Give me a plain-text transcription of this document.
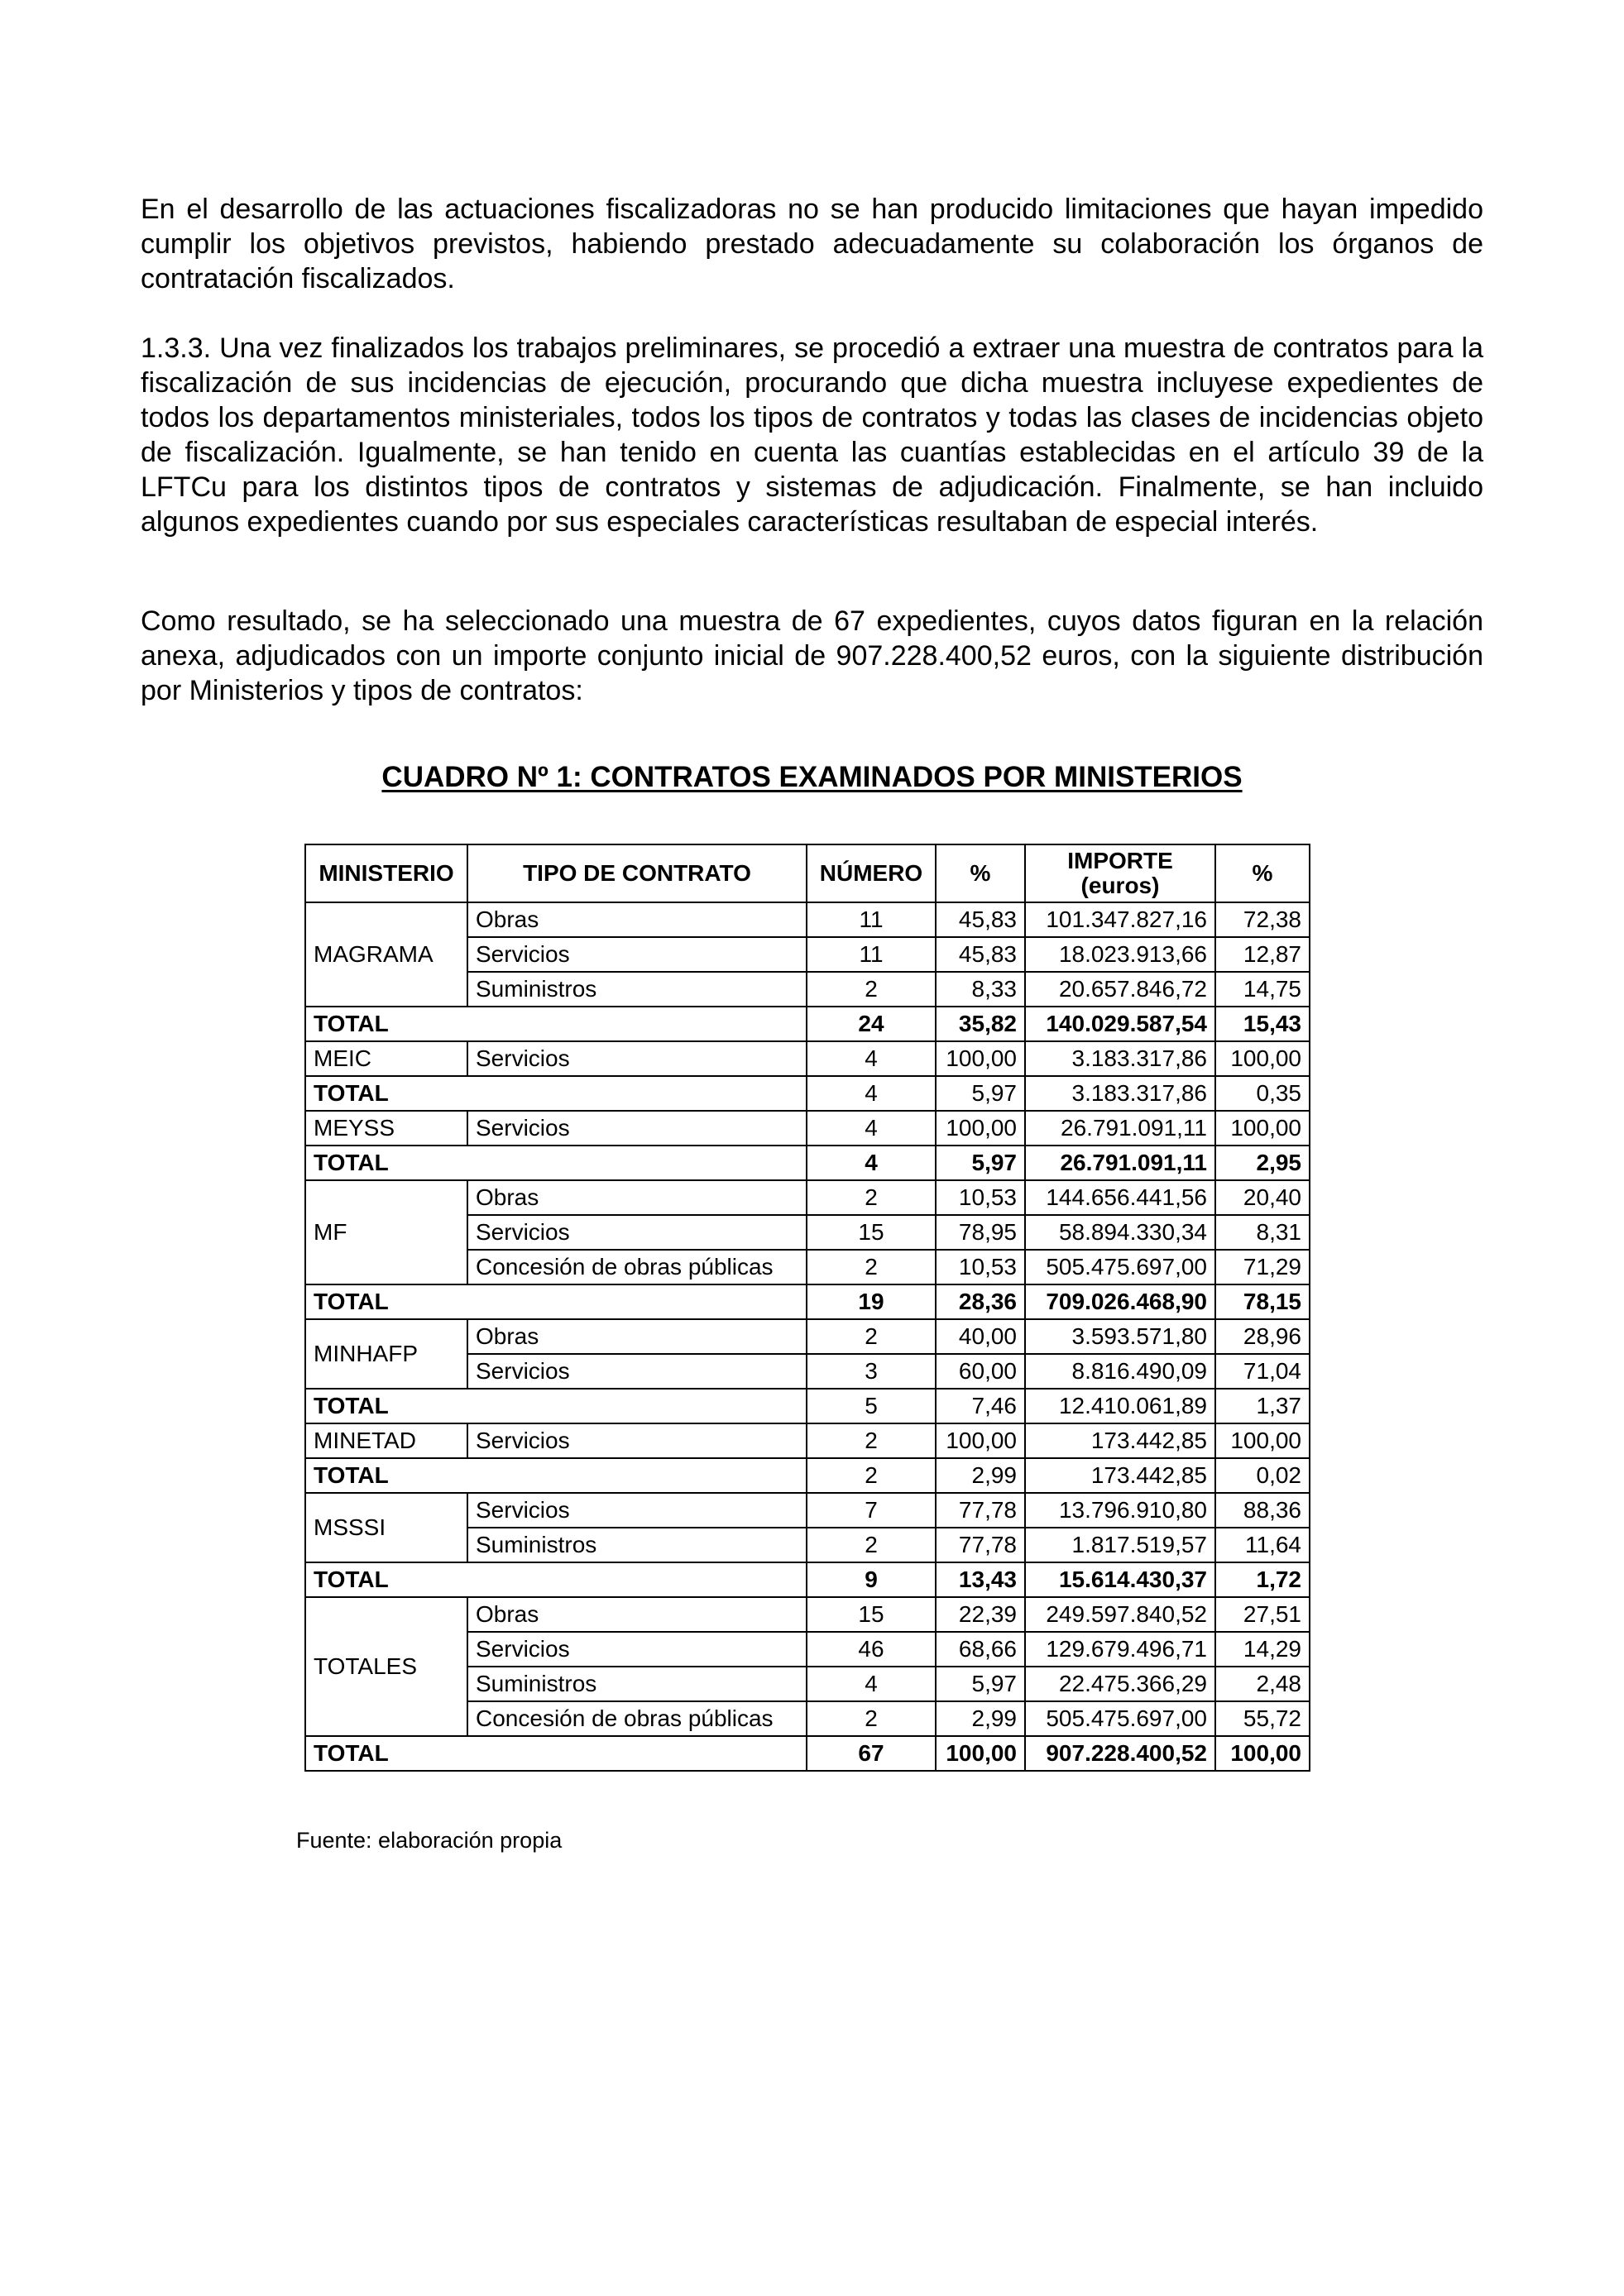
En el desarrollo de las actuaciones fiscalizadoras no se han producido limitaciones que hayan impedido cumplir los objetivos previstos, habiendo prestado adecuadamente su colaboración los órganos de contratación fiscalizados.

1.3.3. Una vez finalizados los trabajos preliminares, se procedió a extraer una muestra de contratos para la fiscalización de sus incidencias de ejecución, procurando que dicha muestra incluyese expedientes de todos los departamentos ministeriales, todos los tipos de contratos y todas las clases de incidencias objeto de fiscalización. Igualmente, se han tenido en cuenta las cuantías establecidas en el artículo 39 de la LFTCu para los distintos tipos de contratos y sistemas de adjudicación. Finalmente, se han incluido algunos expedientes cuando por sus especiales características resultaban de especial interés.

Como resultado, se ha seleccionado una muestra de 67 expedientes, cuyos datos figuran en la relación anexa, adjudicados con un importe conjunto inicial de 907.228.400,52 euros, con la siguiente distribución por Ministerios y tipos de contratos:

CUADRO Nº 1: CONTRATOS EXAMINADOS POR MINISTERIOS

MINISTERIO	TIPO DE CONTRATO	NÚMERO	%	IMPORTE (euros)	%
MAGRAMA	Obras	11	45,83	101.347.827,16	72,38
	Servicios	11	45,83	18.023.913,66	12,87
	Suministros	2	8,33	20.657.846,72	14,75
TOTAL		24	35,82	140.029.587,54	15,43
MEIC	Servicios	4	100,00	3.183.317,86	100,00
TOTAL		4	5,97	3.183.317,86	0,35
MEYSS	Servicios	4	100,00	26.791.091,11	100,00
TOTAL		4	5,97	26.791.091,11	2,95
MF	Obras	2	10,53	144.656.441,56	20,40
	Servicios	15	78,95	58.894.330,34	8,31
	Concesión de obras públicas	2	10,53	505.475.697,00	71,29
TOTAL		19	28,36	709.026.468,90	78,15
MINHAFP	Obras	2	40,00	3.593.571,80	28,96
	Servicios	3	60,00	8.816.490,09	71,04
TOTAL		5	7,46	12.410.061,89	1,37
MINETAD	Servicios	2	100,00	173.442,85	100,00
TOTAL		2	2,99	173.442,85	0,02
MSSSI	Servicios	7	77,78	13.796.910,80	88,36
	Suministros	2	77,78	1.817.519,57	11,64
TOTAL		9	13,43	15.614.430,37	1,72
TOTALES	Obras	15	22,39	249.597.840,52	27,51
	Servicios	46	68,66	129.679.496,71	14,29
	Suministros	4	5,97	22.475.366,29	2,48
	Concesión de obras públicas	2	2,99	505.475.697,00	55,72
TOTAL		67	100,00	907.228.400,52	100,00

Fuente: elaboración propia
